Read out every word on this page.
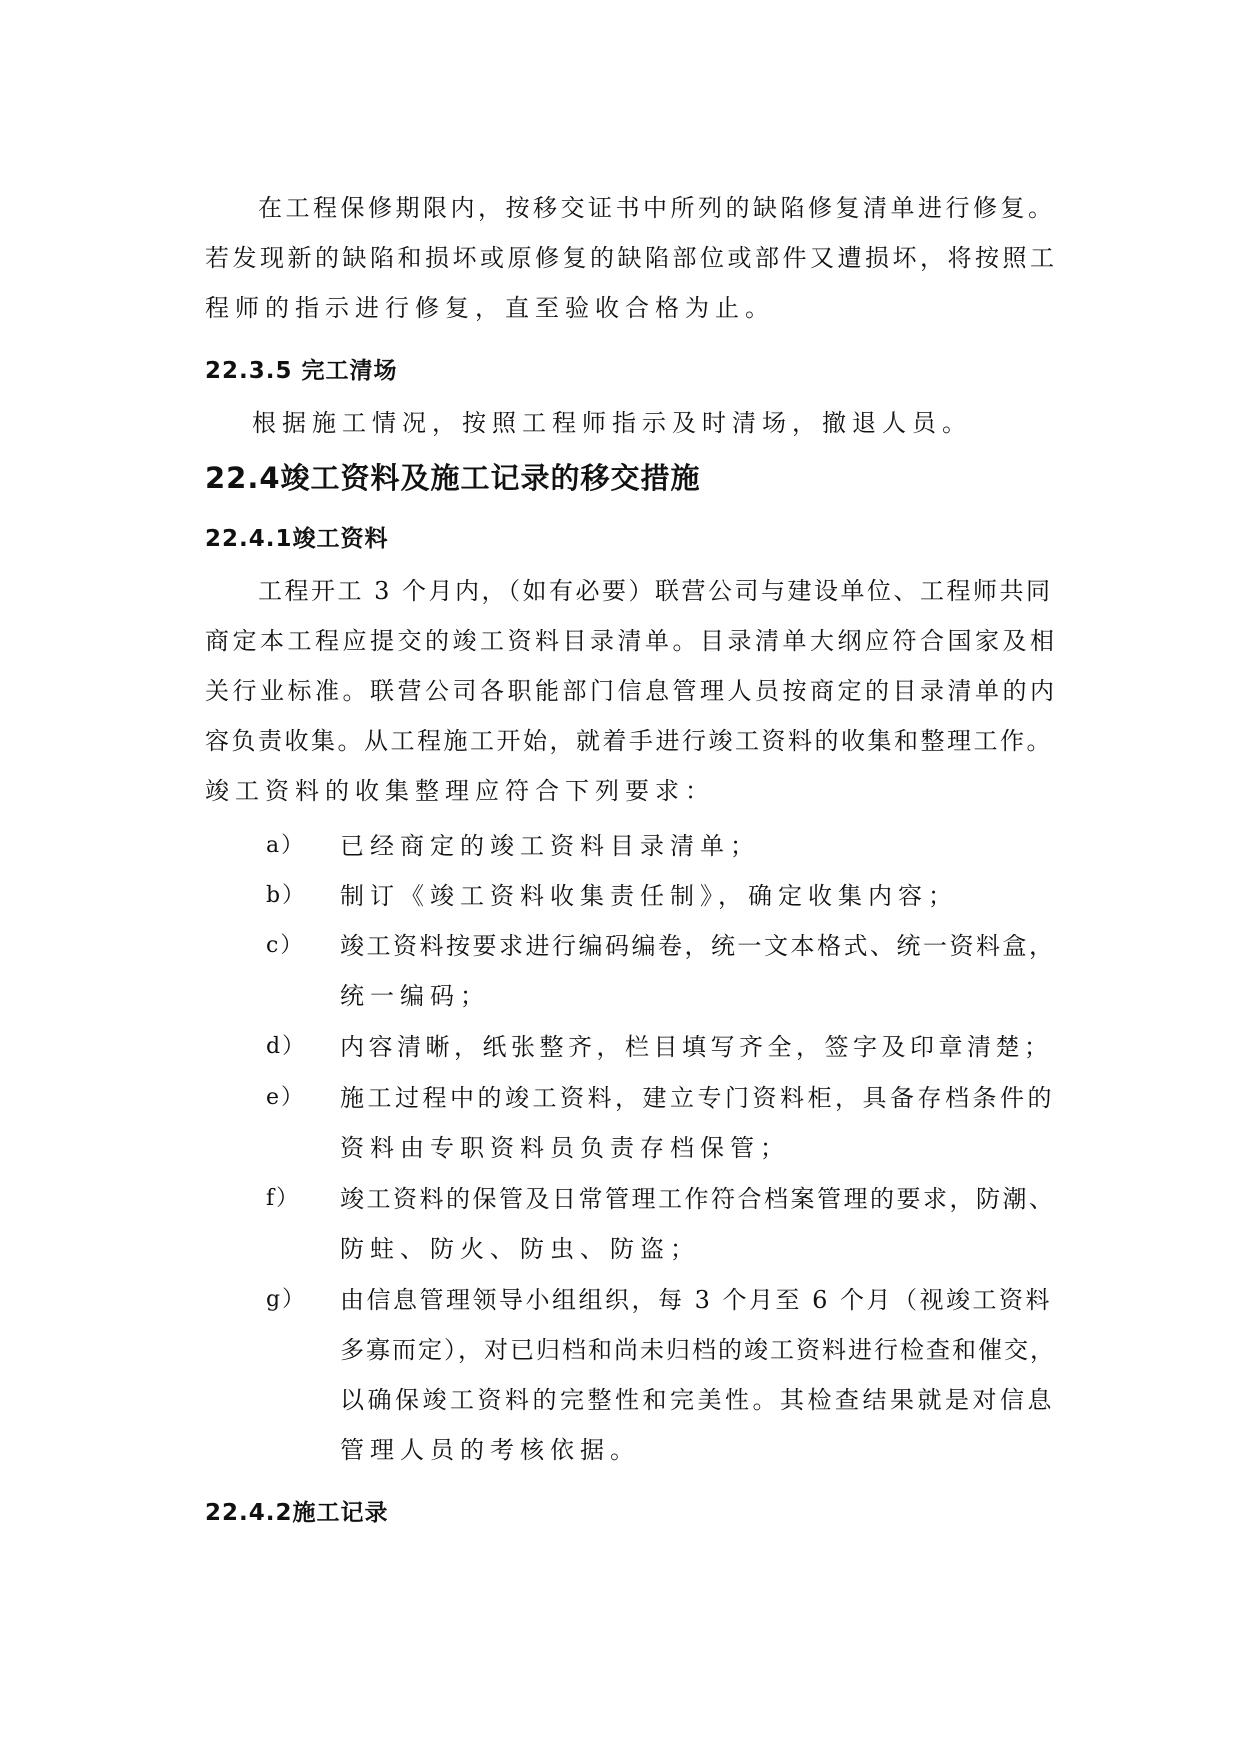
在工程保修期限内，按移交证书中所列的缺陷修复清单进行修复。
若发现新的缺陷和损坏或原修复的缺陷部位或部件又遭损坏，将按照工
程师的指示进行修复，直至验收合格为止。
22.3.5 完工清场
根据施工情况，按照工程师指示及时清场，撤退人员。
22.4竣工资料及施工记录的移交措施
22.4.1竣工资料
工程开工 3 个月内，（如有必要）联营公司与建设单位、工程师共同
商定本工程应提交的竣工资料目录清单。目录清单大纲应符合国家及相
关行业标准。联营公司各职能部门信息管理人员按商定的目录清单的内
容负责收集。从工程施工开始，就着手进行竣工资料的收集和整理工作。
竣工资料的收集整理应符合下列要求：
a） 已经商定的竣工资料目录清单；
b） 制订《竣工资料收集责任制》，确定收集内容；
c） 竣工资料按要求进行编码编卷，统一文本格式、统一资料盒，
统一编码；
d） 内容清晰，纸张整齐，栏目填写齐全，签字及印章清楚；
e） 施工过程中的竣工资料，建立专门资料柜，具备存档条件的
资料由专职资料员负责存档保管；
f） 竣工资料的保管及日常管理工作符合档案管理的要求，防潮、
防蛀、防火、防虫、防盗；
g） 由信息管理领导小组组织，每 3 个月至 6 个月（视竣工资料
多寡而定），对已归档和尚未归档的竣工资料进行检查和催交，
以确保竣工资料的完整性和完美性。其检查结果就是对信息
管理人员的考核依据。
22.4.2施工记录
